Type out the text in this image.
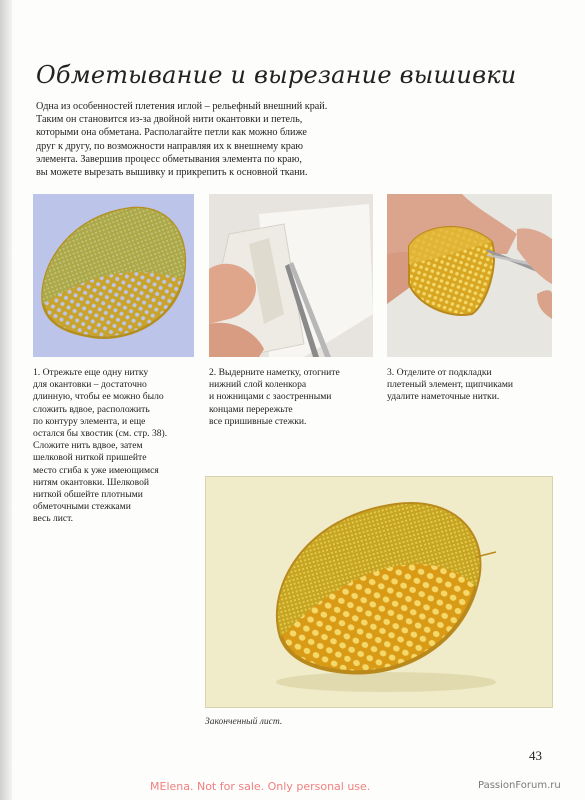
Обметывание и вырезание вышивки
Одна из особенностей плетения иглой – рельефный внешний край.
Таким он становится из-за двойной нити окантовки и петель,
которыми она обметана. Располагайте петли как можно ближе
друг к другу, по возможности направляя их к внешнему краю
элемента. Завершив процесс обметывания элемента по краю,
вы можете вырезать вышивку и прикрепить к основной ткани.
1. Отрежьте еще одну нитку
для окантовки – достаточно
длинную, чтобы ее можно было
сложить вдвое, расположить
по контуру элемента, и еще
остался бы хвостик (см. стр. 38).
Сложите нить вдвое, затем
шелковой ниткой пришейте
место сгиба к уже имеющимся
нитям окантовки. Шелковой
ниткой обшейте плотными
обметочными стежками
весь лист.
2. Выдерните наметку, отогните
нижний слой коленкора
и ножницами с заостренными
концами перережьте
все пришивные стежки.
3. Отделите от подкладки
плетеный элемент, щипчиками
удалите наметочные нитки.
Законченный лист.
43
MElena. Not for sale. Only personal use.	PassionForum.ru
